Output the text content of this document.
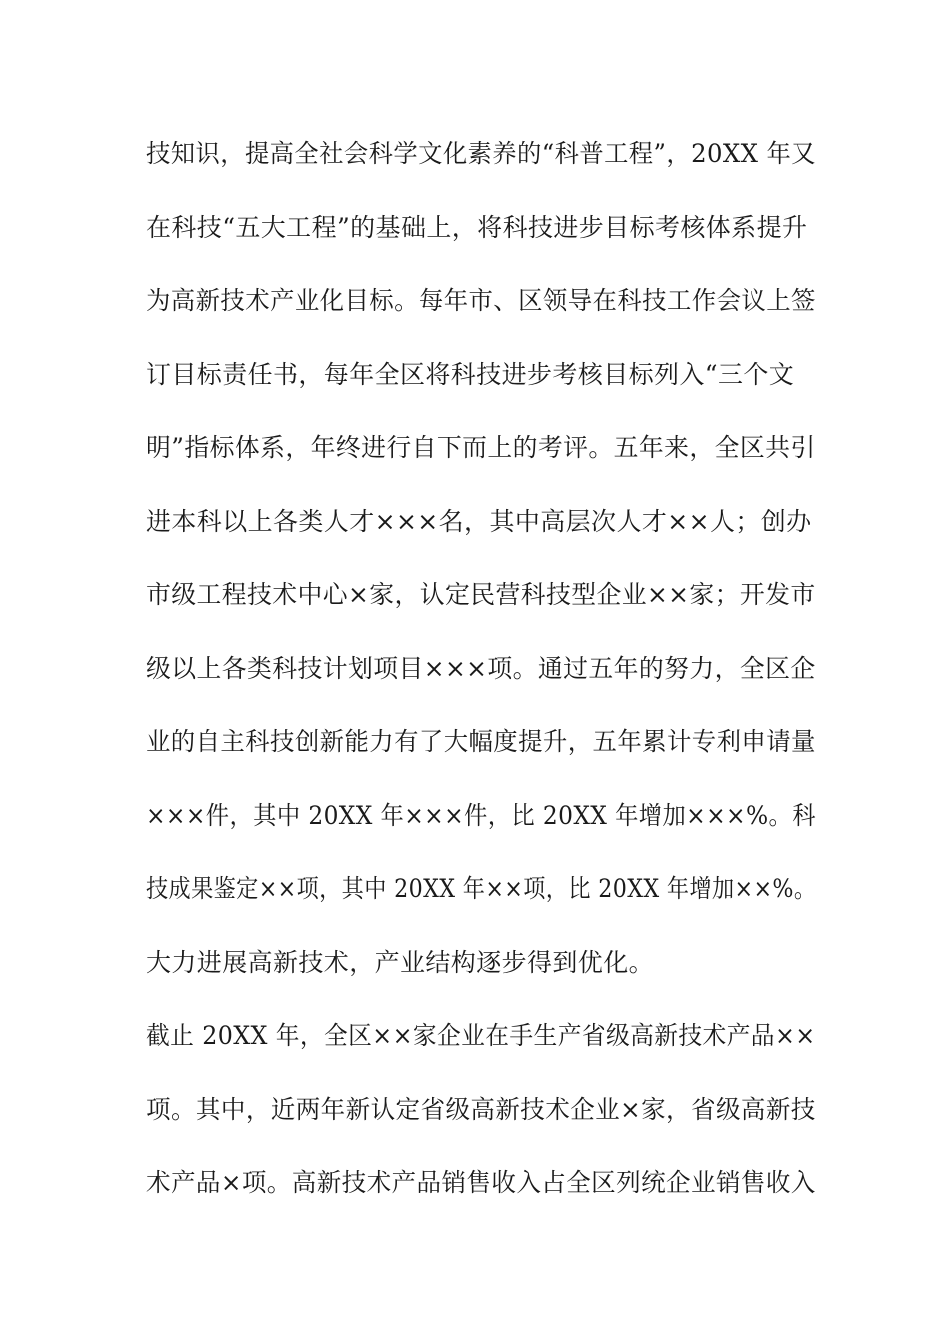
技知识，提高全社会科学文化素养的“科普工程”，20XX 年又
在科技“五大工程”的基础上，将科技进步目标考核体系提升
为高新技术产业化目标。每年市、区领导在科技工作会议上签
订目标责任书，每年全区将科技进步考核目标列入“三个文
明”指标体系，年终进行自下而上的考评。五年来，全区共引
进本科以上各类人才×××名，其中高层次人才××人；创办
市级工程技术中心×家，认定民营科技型企业××家；开发市
级以上各类科技计划项目×××项。通过五年的努力，全区企
业的自主科技创新能力有了大幅度提升，五年累计专利申请量
×××件，其中 20XX 年×××件，比 20XX 年增加×××%。科
技成果鉴定××项，其中 20XX 年××项，比 20XX 年增加××%。
大力进展高新技术，产业结构逐步得到优化。
截止 20XX 年，全区××家企业在手生产省级高新技术产品××
项。其中，近两年新认定省级高新技术企业×家，省级高新技
术产品×项。高新技术产品销售收入占全区列统企业销售收入
